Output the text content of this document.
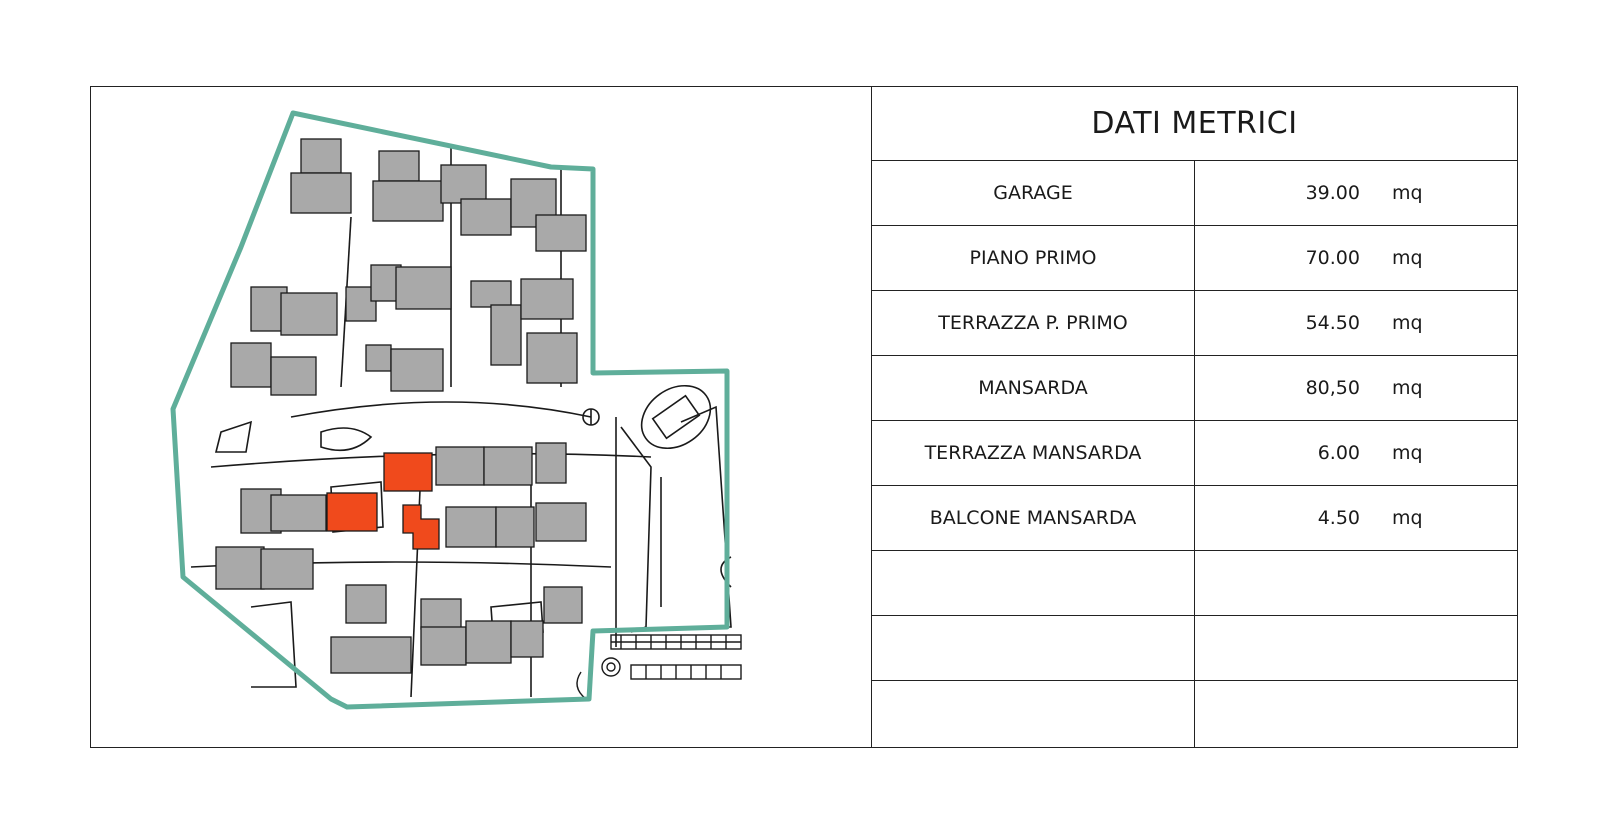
DATI METRICI
GARAGE	39.00 mq
PIANO PRIMO	70.00 mq
TERRAZZA P. PRIMO	54.50 mq
MANSARDA	80,50 mq
TERRAZZA MANSARDA	6.00 mq
BALCONE MANSARDA	4.50 mq
